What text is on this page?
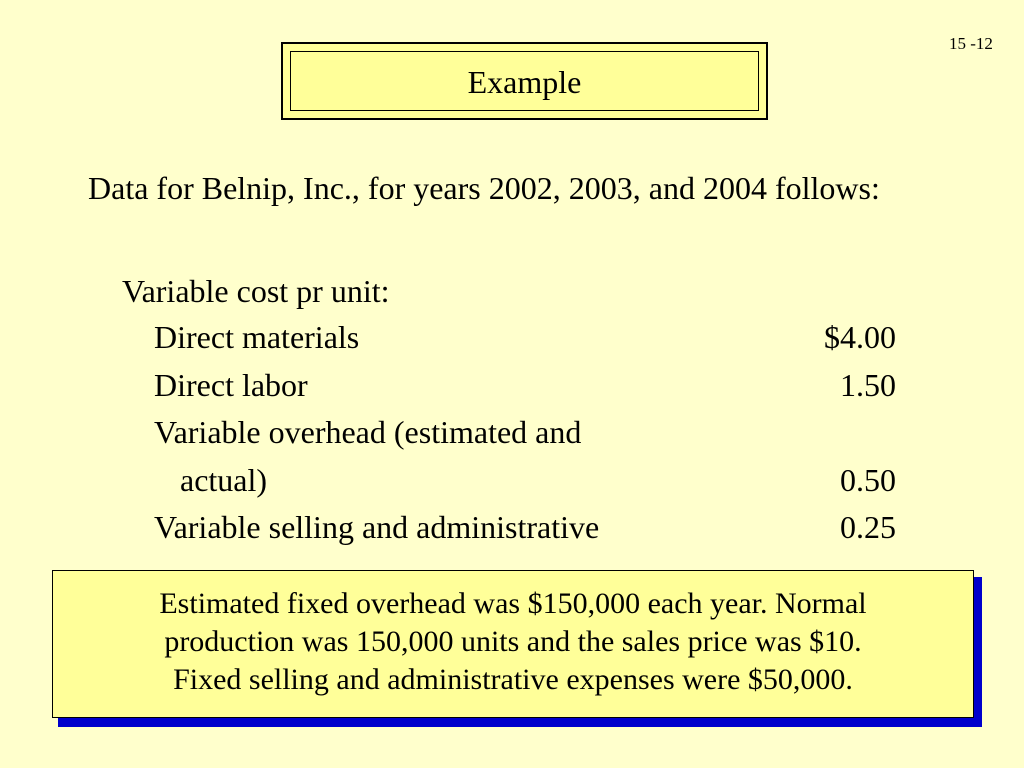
15 -12
Example
Data for Belnip, Inc., for years 2002, 2003, and 2004 follows:
Variable cost pr unit:
Direct materials	$4.00
Direct labor	1.50
Variable overhead (estimated and
actual)	0.50
Variable selling and administrative	0.25
Estimated fixed overhead was $150,000 each year. Normal
production was 150,000 units and the sales price was $10.
Fixed selling and administrative expenses were $50,000.
